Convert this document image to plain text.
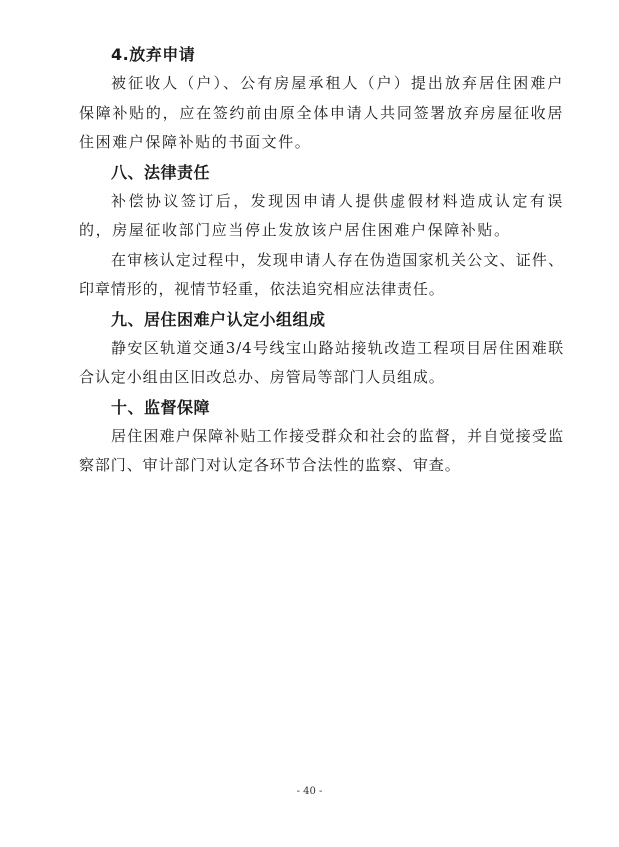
4.放弃申请

被征收人（户）、公有房屋承租人（户）提出放弃居住困难户保障补贴的，应在签约前由原全体申请人共同签署放弃房屋征收居住困难户保障补贴的书面文件。

八、法律责任

补偿协议签订后，发现因申请人提供虚假材料造成认定有误的，房屋征收部门应当停止发放该户居住困难户保障补贴。

在审核认定过程中，发现申请人存在伪造国家机关公文、证件、印章情形的，视情节轻重，依法追究相应法律责任。

九、居住困难户认定小组组成

静安区轨道交通3/4号线宝山路站接轨改造工程项目居住困难联合认定小组由区旧改总办、房管局等部门人员组成。

十、监督保障

居住困难户保障补贴工作接受群众和社会的监督，并自觉接受监察部门、审计部门对认定各环节合法性的监察、审查。

- 40 -
